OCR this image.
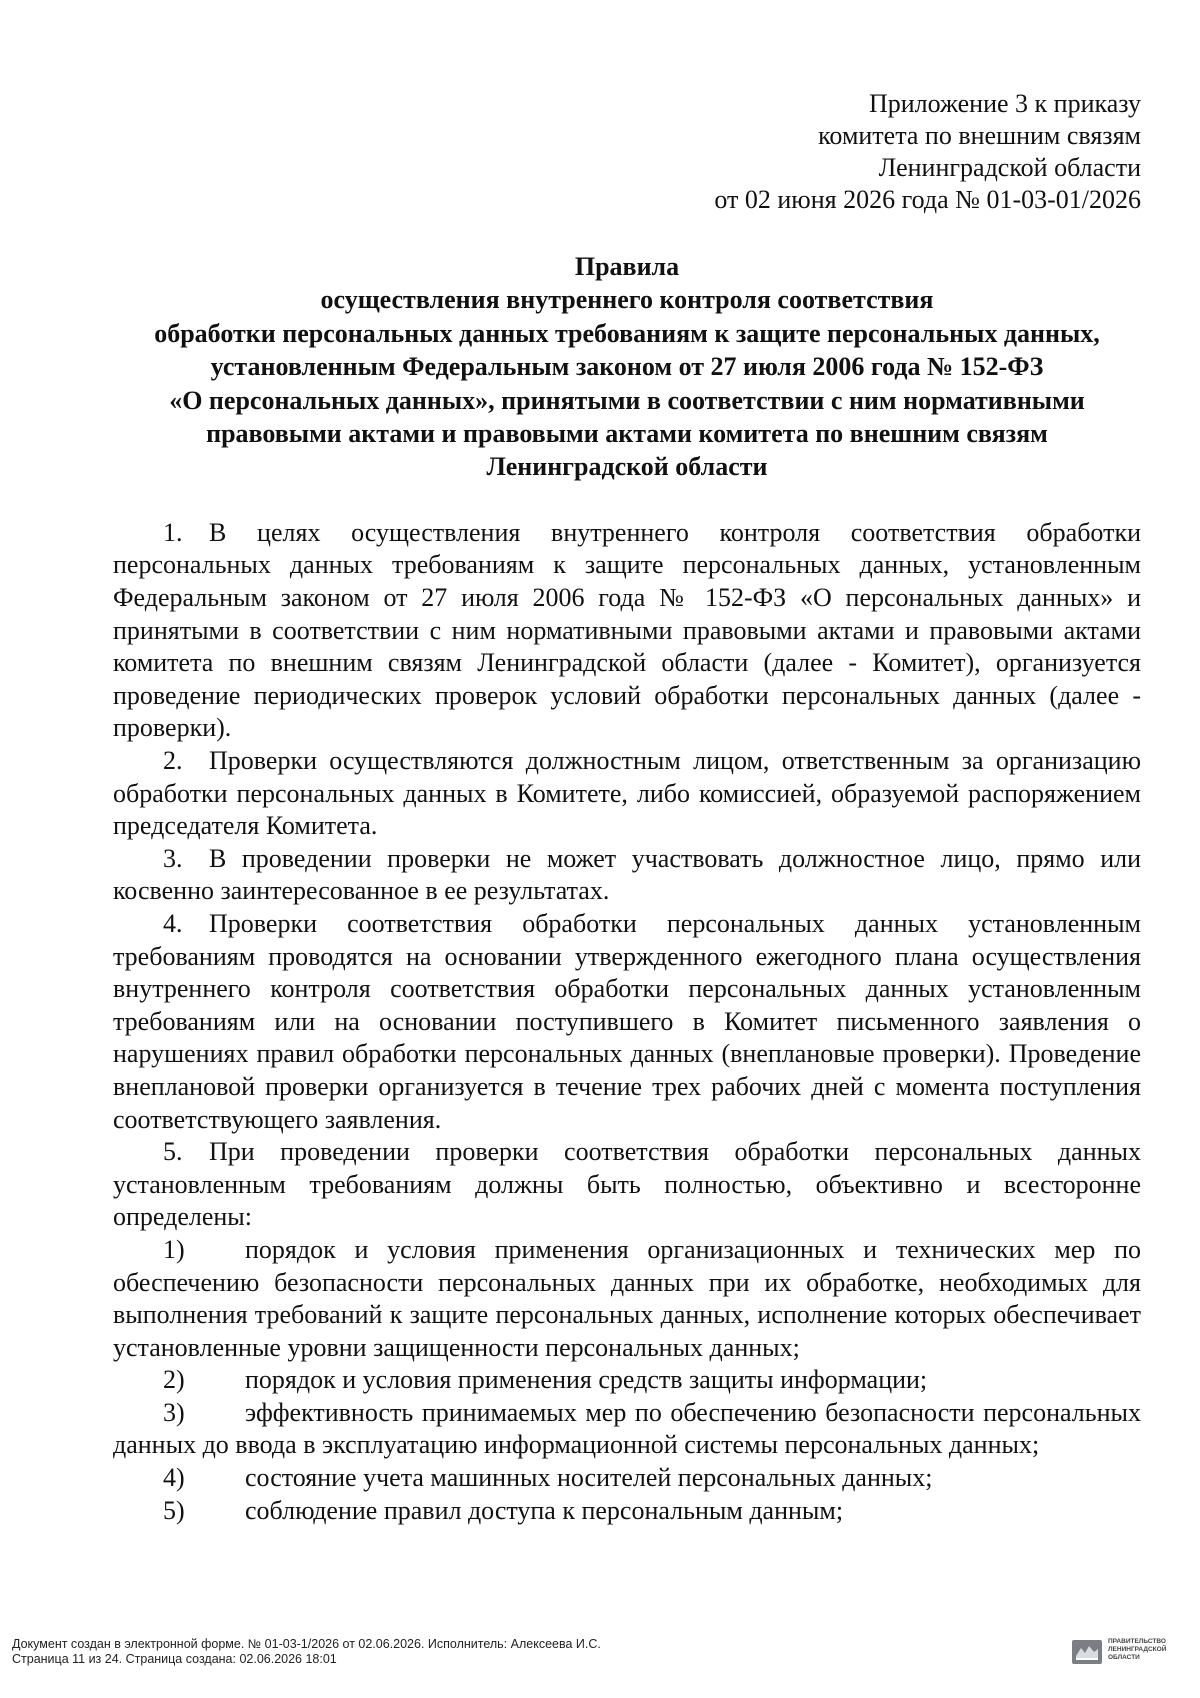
Приложение 3 к приказу
комитета по внешним связям
Ленинградской области
от 02 июня 2026 года № 01-03-01/2026
Правила
осуществления внутреннего контроля соответствия
обработки персональных данных требованиям к защите персональных данных,
установленным Федеральным законом от 27 июля 2006 года № 152-ФЗ
«О персональных данных», принятыми в соответствии с ним нормативными
правовыми актами и правовыми актами комитета по внешним связям
Ленинградской области

1. В целях осуществления внутреннего контроля соответствия обработки персональных данных требованиям к защите персональных данных, установленным Федеральным законом от 27 июля 2006 года № 152-ФЗ «О персональных данных» и принятыми в соответствии с ним нормативными правовыми актами и правовыми актами комитета по внешним связям Ленинградской области (далее - Комитет), организуется проведение периодических проверок условий обработки персональных данных (далее - проверки).

2. Проверки осуществляются должностным лицом, ответственным за организацию обработки персональных данных в Комитете, либо комиссией, образуемой распоряжением председателя Комитета.

3. В проведении проверки не может участвовать должностное лицо, прямо или косвенно заинтересованное в ее результатах.

4. Проверки соответствия обработки персональных данных установленным требованиям проводятся на основании утвержденного ежегодного плана осуществления внутреннего контроля соответствия обработки персональных данных установленным требованиям или на основании поступившего в Комитет письменного заявления о нарушениях правил обработки персональных данных (внеплановые проверки). Проведение внеплановой проверки организуется в течение трех рабочих дней с момента поступления соответствующего заявления.

5. При проведении проверки соответствия обработки персональных данных установленным требованиям должны быть полностью, объективно и всесторонне определены:

1) порядок и условия применения организационных и технических мер по обеспечению безопасности персональных данных при их обработке, необходимых для выполнения требований к защите персональных данных, исполнение которых обеспечивает установленные уровни защищенности персональных данных;

2) порядок и условия применения средств защиты информации;

3) эффективность принимаемых мер по обеспечению безопасности персональных данных до ввода в эксплуатацию информационной системы персональных данных;

4) состояние учета машинных носителей персональных данных;

5) соблюдение правил доступа к персональным данным;

Документ создан в электронной форме. № 01-03-1/2026 от 02.06.2026. Исполнитель: Алексеева И.С.
Страница 11 из 24. Страница создана: 02.06.2026 18:01
ПРАВИТЕЛЬСТВО
ЛЕНИНГРАДСКОЙ
ОБЛАСТИ
